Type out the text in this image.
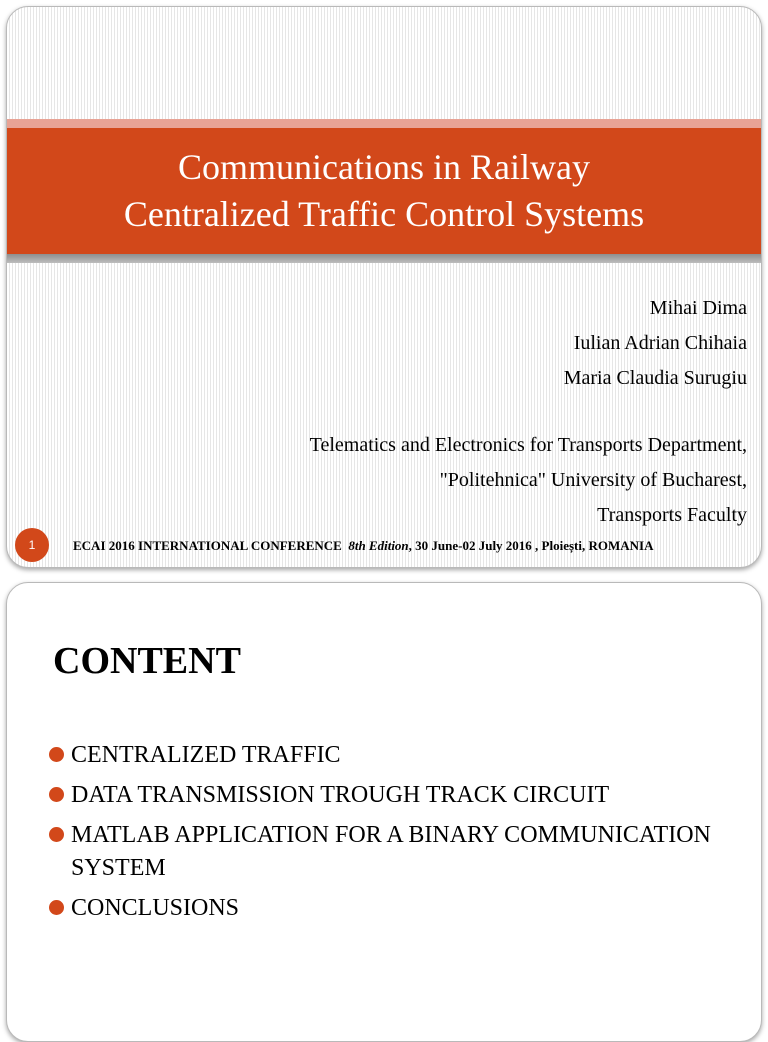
Communications in Railway
Centralized Traffic Control Systems
Mihai Dima
Iulian Adrian Chihaia
Maria Claudia Surugiu
Telematics and Electronics for Transports Department,
"Politehnica" University of Bucharest,
Transports Faculty
1	ECAI 2016 INTERNATIONAL CONFERENCE 8th Edition, 30 June-02 July 2016 , Ploiești, ROMANIA
CONTENT
CENTRALIZED TRAFFIC
DATA TRANSMISSION TROUGH TRACK CIRCUIT
MATLAB APPLICATION FOR A BINARY COMMUNICATION SYSTEM
CONCLUSIONS
